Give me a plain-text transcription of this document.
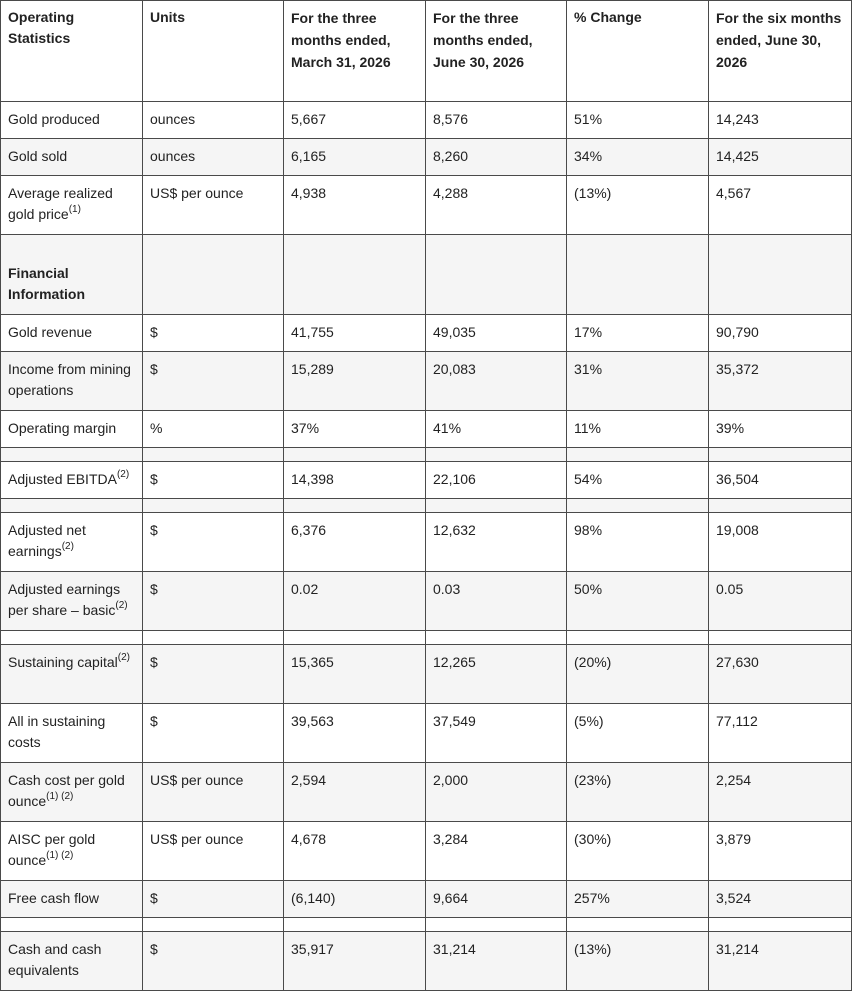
Operating Statistics	Units	For the three months ended, March 31, 2026	For the three months ended, June 30, 2026	% Change	For the six months ended, June 30, 2026
Gold produced	ounces	5,667	8,576	51%	14,243
Gold sold	ounces	6,165	8,260	34%	14,425
Average realized gold price$^{(1)}$	US$ per ounce	4,938	4,288	(13%)	4,567
Financial Information					
Gold revenue	$	41,755	49,035	17%	90,790
Income from mining operations	$	15,289	20,083	31%	35,372
Operating margin	%	37%	41%	11%	39%

Adjusted EBITDA$^{(2)}$	$	14,398	22,106	54%	36,504

Adjusted net earnings$^{(2)}$	$	6,376	12,632	98%	19,008
Adjusted earnings per share – basic$^{(2)}$	$	0.02	0.03	50%	0.05

Sustaining capital$^{(2)}$	$	15,365	12,265	(20%)	27,630
All in sustaining costs	$	39,563	37,549	(5%)	77,112
Cash cost per gold ounce$^{(1) (2)}$	US$ per ounce	2,594	2,000	(23%)	2,254
AISC per gold ounce$^{(1) (2)}$	US$ per ounce	4,678	3,284	(30%)	3,879
Free cash flow	$	(6,140)	9,664	257%	3,524

Cash and cash equivalents	$	35,917	31,214	(13%)	31,214
